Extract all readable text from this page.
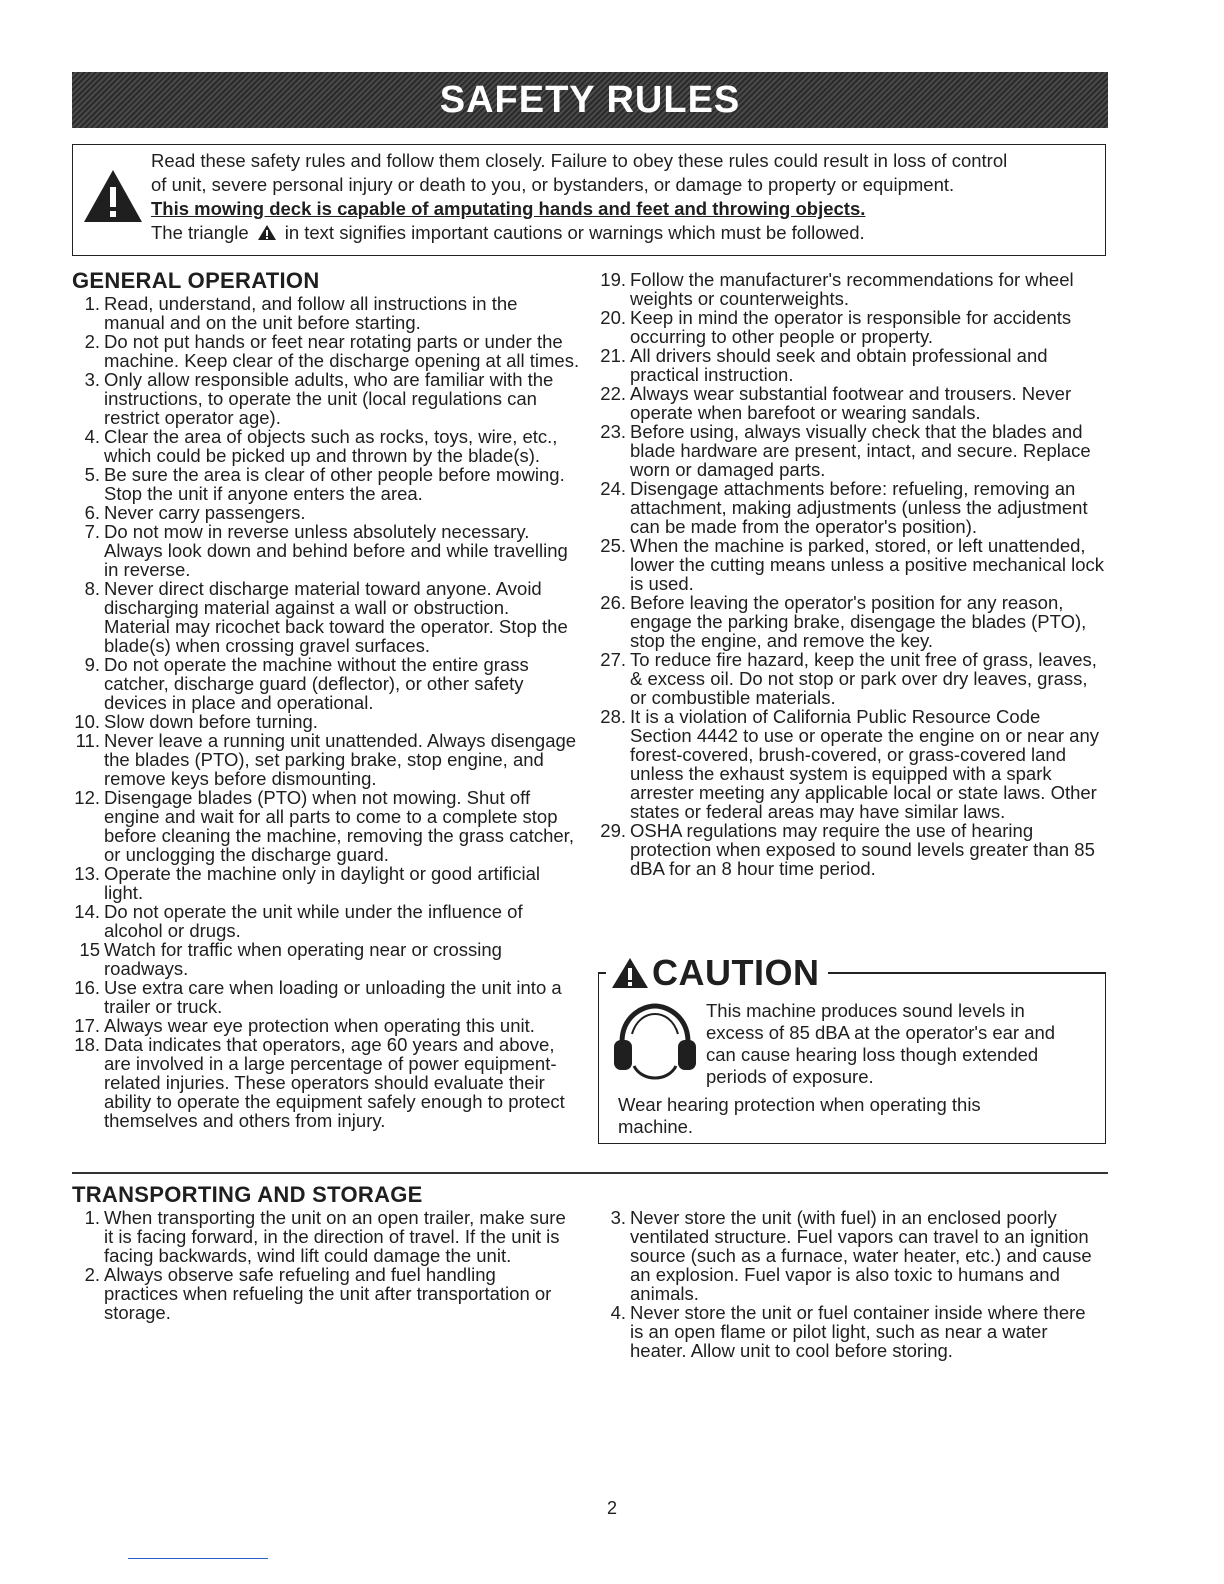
SAFETY RULES

Read these safety rules and follow them closely. Failure to obey these rules could result in loss of control

of unit, severe personal injury or death to you, or bystanders, or damage to property or equipment.

This mowing deck is capable of amputating hands and feet and throwing objects.

The triangle in text signifies important cautions or warnings which must be followed.

GENERAL OPERATION
1. Read, understand, and follow all instructions in the manual and on the unit before starting.
2. Do not put hands or feet near rotating parts or under the machine. Keep clear of the discharge opening at all times.
3. Only allow responsible adults, who are familiar with the instructions, to operate the unit (local regulations can restrict operator age).
4. Clear the area of objects such as rocks, toys, wire, etc., which could be picked up and thrown by the blade(s).
5. Be sure the area is clear of other people before mowing. Stop the unit if anyone enters the area.
6. Never carry passengers.
7. Do not mow in reverse unless absolutely necessary. Always look down and behind before and while travelling in reverse.
8. Never direct discharge material toward anyone. Avoid discharging material against a wall or obstruction. Material may ricochet back toward the operator. Stop the blade(s) when crossing gravel surfaces.
9. Do not operate the machine without the entire grass catcher, discharge guard (deflector), or other safety devices in place and operational.
10. Slow down before turning.
11. Never leave a running unit unattended. Always disengage the blades (PTO), set parking brake, stop engine, and remove keys before dismounting.
12. Disengage blades (PTO) when not mowing. Shut off engine and wait for all parts to come to a complete stop before cleaning the machine, removing the grass catcher, or unclogging the discharge guard.
13. Operate the machine only in daylight or good artificial light.
14. Do not operate the unit while under the influence of alcohol or drugs.
15 Watch for traffic when operating near or crossing roadways.
16. Use extra care when loading or unloading the unit into a trailer or truck.
17. Always wear eye protection when operating this unit.
18. Data indicates that operators, age 60 years and above, are involved in a large percentage of power equipment-related injuries. These operators should evaluate their ability to operate the equipment safely enough to protect themselves and others from injury.
19. Follow the manufacturer's recommendations for wheel weights or counterweights.
20. Keep in mind the operator is responsible for accidents occurring to other people or property.
21. All drivers should seek and obtain professional and practical instruction.
22. Always wear substantial footwear and trousers. Never operate when barefoot or wearing sandals.
23. Before using, always visually check that the blades and blade hardware are present, intact, and secure. Replace worn or damaged parts.
24. Disengage attachments before: refueling, removing an attachment, making adjustments (unless the adjustment can be made from the operator's position).
25. When the machine is parked, stored, or left unattended, lower the cutting means unless a positive mechanical lock is used.
26. Before leaving the operator's position for any reason, engage the parking brake, disengage the blades (PTO), stop the engine, and remove the key.
27. To reduce fire hazard, keep the unit free of grass, leaves, & excess oil. Do not stop or park over dry leaves, grass, or combustible materials.
28. It is a violation of California Public Resource Code Section 4442 to use or operate the engine on or near any forest-covered, brush-covered, or grass-covered land unless the exhaust system is equipped with a spark arrester meeting any applicable local or state laws. Other states or federal areas may have similar laws.
29. OSHA regulations may require the use of hearing protection when exposed to sound levels greater than 85 dBA for an 8 hour time period.
CAUTION
This machine produces sound levels in excess of 85 dBA at the operator's ear and can cause hearing loss though extended periods of exposure.
Wear hearing protection when operating this machine.
TRANSPORTING AND STORAGE
1. When transporting the unit on an open trailer, make sure it is facing forward, in the direction of travel. If the unit is facing backwards, wind lift could damage the unit.
2. Always observe safe refueling and fuel handling practices when refueling the unit after transportation or storage.
3. Never store the unit (with fuel) in an enclosed poorly ventilated structure. Fuel vapors can travel to an ignition source (such as a furnace, water heater, etc.) and cause an explosion. Fuel vapor is also toxic to humans and animals.
4. Never store the unit or fuel container inside where there is an open flame or pilot light, such as near a water heater. Allow unit to cool before storing.
2
